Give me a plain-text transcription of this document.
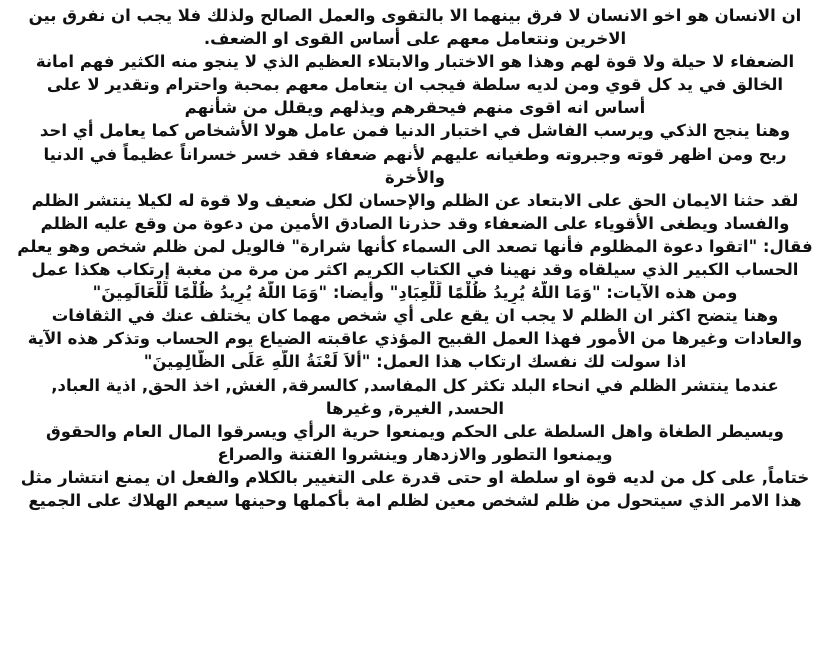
ان الانسان هو اخو الانسان لا فرق بينهما الا بالتقوى والعمل الصالح ولذلك فلا يجب ان نفرق بين
الاخرين ونتعامل معهم على أساس القوى او الضعف.
الضعفاء لا حيلة ولا قوة لهم وهذا هو الاختبار والابتلاء العظيم الذي لا ينجو منه الكثير فهم امانة
الخالق في يد كل قوي ومن لديه سلطة فيجب ان يتعامل معهم بمحبة واحترام وتقدير لا على
أساس انه اقوى منهم فيحقرهم ويذلهم ويقلل من شأنهم
وهنا ينجح الذكي ويرسب الفاشل في اختبار الدنيا فمن عامل هولا الأشخاص كما يعامل أي احد
ربح ومن اظهر قوته وجبروته وطغيانه عليهم لأنهم ضعفاء فقد خسر خسراناً عظيماً في الدنيا
والأخرة
لقد حثنا الايمان الحق على الابتعاد عن الظلم والإحسان لكل ضعيف ولا قوة له لكيلا ينتشر الظلم
والفساد ويطغى الأقوياء على الضعفاء وقد حذرنا الصادق الأمين من دعوة من وقع عليه الظلم
فقال: "اتقوا دعوة المظلوم فأنها تصعد الى السماء كأنها شرارة" فالويل لمن ظلم شخص وهو يعلم
الحساب الكبير الذي سيلقاه وقد نهينا في الكتاب الكريم اكثر من مرة من مغبة إرتكاب هكذا عمل
ومن هذه الآيات: "وَمَا اللَّهُ يُرِيدُ ظُلْمًا لِّلْعِبَادِ" وأيضا: "وَمَا اللَّهُ يُرِيدُ ظُلْمًا لِّلْعَالَمِينَ"
وهنا يتضح اكثر ان الظلم لا يجب ان يقع على أي شخص مهما كان يختلف عنك في الثقافات
والعادات وغيرها من الأمور فهذا العمل القبيح المؤذي عاقبته الضياع يوم الحساب وتذكر هذه الآية
اذا سولت لك نفسك ارتكاب هذا العمل: "أَلاَ لَعْنَةُ اللَّهِ عَلَى الظَّالِمِينَ"
عندما ينتشر الظلم في انحاء البلد تكثر كل المفاسد, كالسرقة, الغش, اخذ الحق, اذية العباد,
الحسد, الغيرة, وغيرها
ويسيطر الطغاة واهل السلطة على الحكم ويمنعوا حرية الرأي ويسرقوا المال العام والحقوق
ويمنعوا التطور والازدهار وينشروا الفتنة والصراع
ختاماً, على كل من لديه قوة او سلطة او حتى قدرة على التغيير بالكلام والفعل ان يمنع انتشار مثل
هذا الامر الذي سيتحول من ظلم لشخص معين لظلم امة بأكملها وحينها سيعم الهلاك على الجميع
